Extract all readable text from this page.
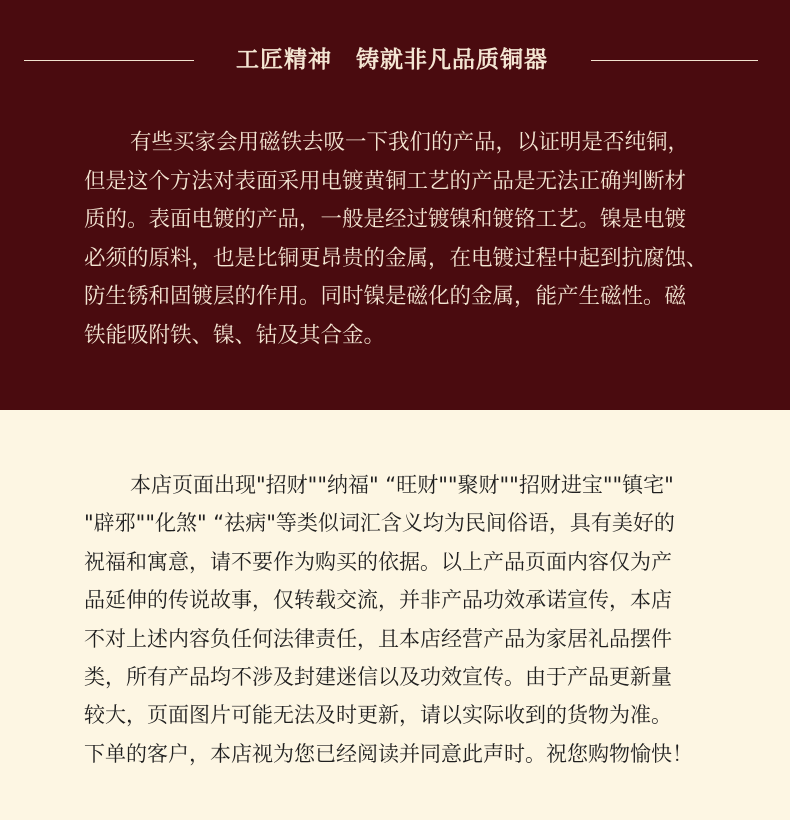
工匠精神 铸就非凡品质铜器
有些买家会用磁铁去吸一下我们的产品，以证明是否纯铜，
但是这个方法对表面采用电镀黄铜工艺的产品是无法正确判断材
质的。表面电镀的产品，一般是经过镀镍和镀铬工艺。镍是电镀
必须的原料，也是比铜更昂贵的金属，在电镀过程中起到抗腐蚀、
防生锈和固镀层的作用。同时镍是磁化的金属，能产生磁性。磁
铁能吸附铁、镍、钴及其合金。
本店页面出现"招财""纳福" “旺财""聚财""招财进宝""镇宅"
"辟邪""化煞" “祛病"等类似词汇含义均为民间俗语，具有美好的
祝福和寓意，请不要作为购买的依据。以上产品页面内容仅为产
品延伸的传说故事，仅转载交流，并非产品功效承诺宣传，本店
不对上述内容负任何法律责任，且本店经营产品为家居礼品摆件
类，所有产品均不涉及封建迷信以及功效宣传。由于产品更新量
较大，页面图片可能无法及时更新，请以实际收到的货物为准。
下单的客户，本店视为您已经阅读并同意此声时。祝您购物愉快！
